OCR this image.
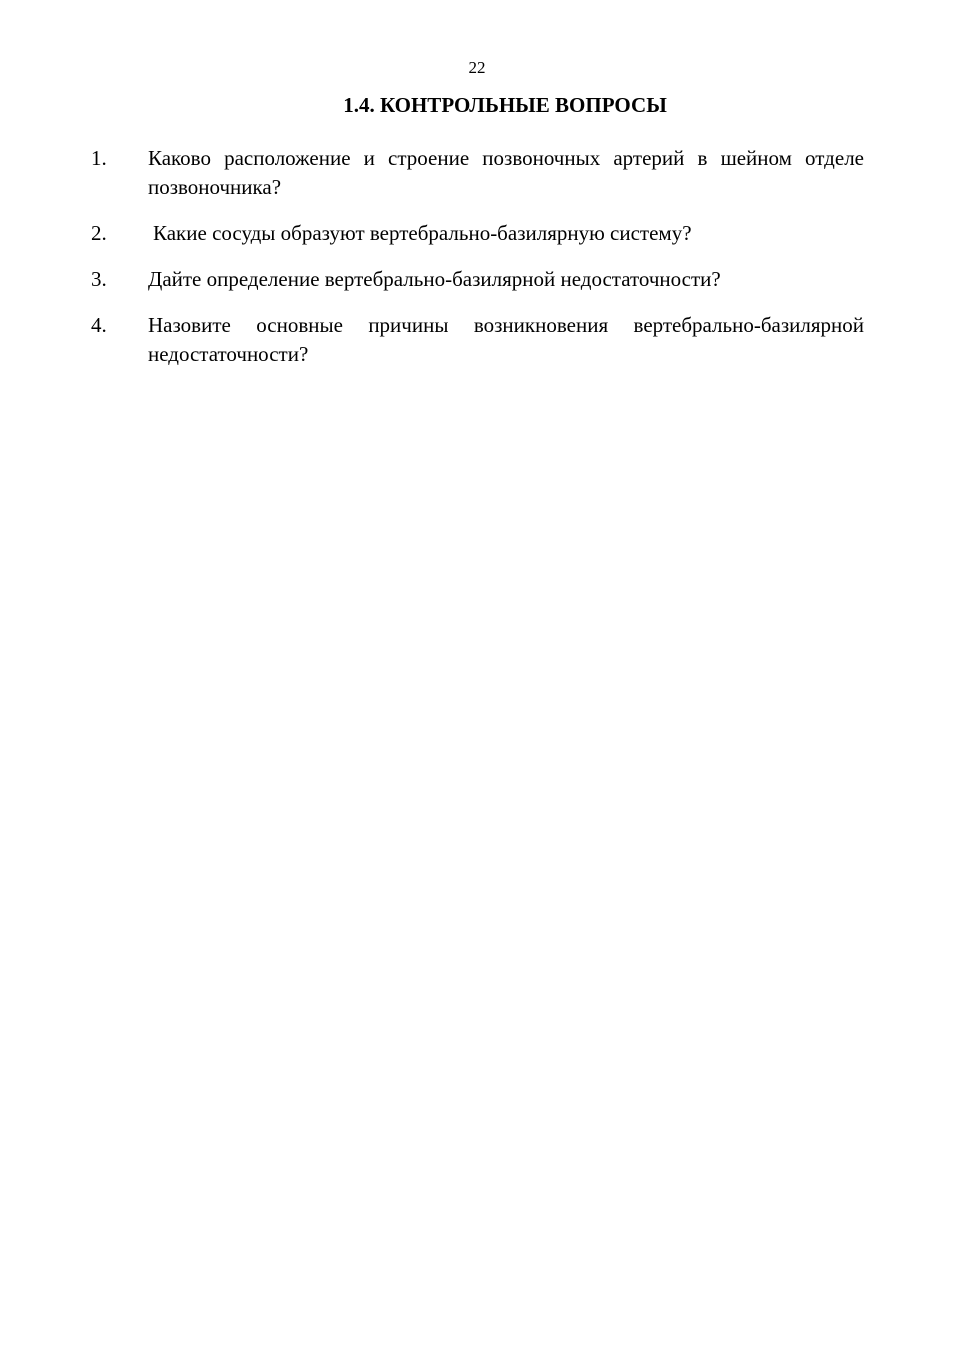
22
1.4. КОНТРОЛЬНЫЕ ВОПРОСЫ
1.	Каково расположение и строение позвоночных артерий в шейном отделе позвоночника?
2.	Какие сосуды образуют вертебрально-базилярную систему?
3.	Дайте определение вертебрально-базилярной недостаточности?
4.	Назовите основные причины возникновения вертебрально-базилярной недостаточности?
